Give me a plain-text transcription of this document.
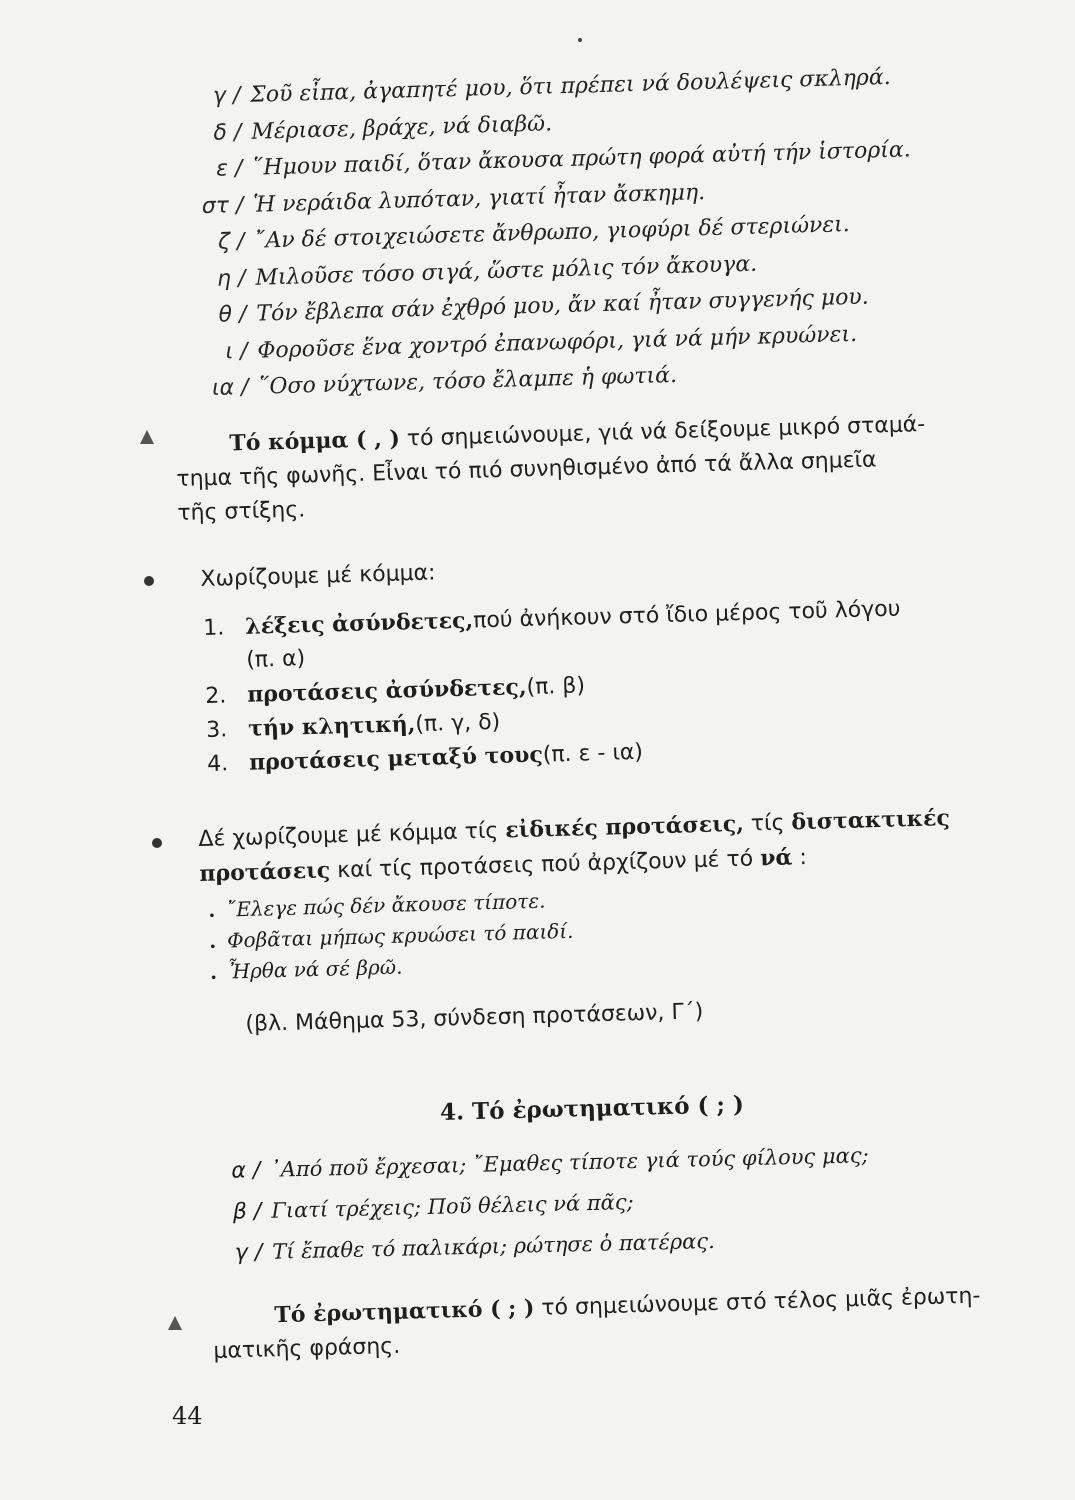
γ / Σοῦ εἶπα, ἀγαπητέ μου, ὅτι πρέπει νά δουλέψεις σκληρά.
δ / Μέριασε, βράχε, νά διαβῶ.
ε / ῞Ημουν παιδί, ὅταν ἄκουσα πρώτη φορά αὐτή τήν ἱστορία.
στ / Ἡ νεράιδα λυπόταν, γιατί ἦταν ἄσκημη.
ζ / ῎Αν δέ στοιχειώσετε ἄνθρωπο, γιοφύρι δέ στεριώνει.
η / Μιλοῦσε τόσο σιγά, ὥστε μόλις τόν ἄκουγα.
θ / Τόν ἔβλεπα σάν ἐχθρό μου, ἄν καί ἦταν συγγενής μου.
ι / Φοροῦσε ἕνα χοντρό ἐπανωφόρι, γιά νά μήν κρυώνει.
ια / ῞Οσο νύχτωνε, τόσο ἔλαμπε ἡ φωτιά.
Τό κόμμα ( , ) τό σημειώνουμε, γιά νά δείξουμε μικρό σταμά-
τημα τῆς φωνῆς. Εἶναι τό πιό συνηθισμένο ἀπό τά ἄλλα σημεῖα
τῆς στίξης.
Χωρίζουμε μέ κόμμα:
1. λέξεις ἀσύνδετες, πού ἀνήκουν στό ἴδιο μέρος τοῦ λόγου
(π. α)
2. προτάσεις ἀσύνδετες, (π. β)
3. τήν κλητική, (π. γ, δ)
4. προτάσεις μεταξύ τους (π. ε - ια)
Δέ χωρίζουμε μέ κόμμα τίς εἰδικές προτάσεις, τίς διστακτικές
προτάσεις καί τίς προτάσεις πού ἀρχίζουν μέ τό νά :
. ῎Ελεγε πώς δέν ἄκουσε τίποτε.
. Φοβᾶται μήπως κρυώσει τό παιδί.
. Ἦρθα νά σέ βρῶ.
(βλ. Μάθημα 53, σύνδεση προτάσεων, Γ΄)
4. Τό ἐρωτηματικό ( ; )
α / ᾿Από ποῦ ἔρχεσαι; ῎Εμαθες τίποτε γιά τούς φίλους μας;
β / Γιατί τρέχεις; Ποῦ θέλεις νά πᾶς;
γ / Τί ἔπαθε τό παλικάρι; ρώτησε ὁ πατέρας.
Τό ἐρωτηματικό ( ; ) τό σημειώνουμε στό τέλος μιᾶς ἐρωτη-
ματικῆς φράσης.
44
